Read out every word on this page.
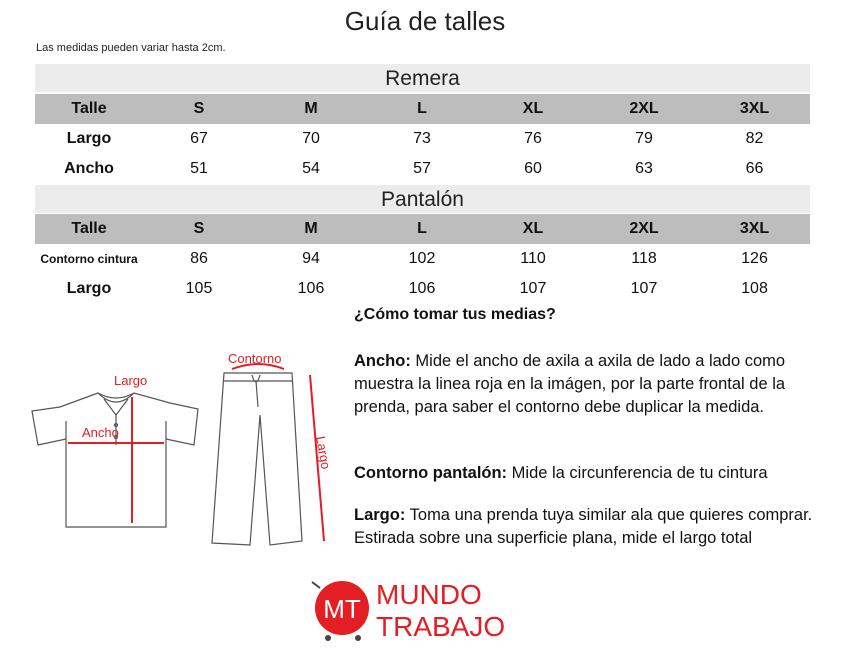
Guía de talles
Las medidas pueden variar hasta 2cm.
Remera
Talle	S	M	L	XL	2XL	3XL
Largo	67	70	73	76	79	82
Ancho	51	54	57	60	63	66
Pantalón
Talle	S	M	L	XL	2XL	3XL
Contorno cintura	86	94	102	110	118	126
Largo	105	106	106	107	107	108
¿Cómo tomar tus medias?
Ancho: Mide el ancho de axila a axila de lado a lado como muestra la linea roja en la imágen, por la parte frontal de la prenda, para saber el contorno debe duplicar la medida.
Contorno pantalón: Mide la circunferencia de tu cintura
Largo: Toma una prenda tuya similar ala que quieres comprar. Estirada sobre una superficie plana, mide el largo total
Largo
Ancho
Contorno
Largo
MT MUNDO
TRABAJO
